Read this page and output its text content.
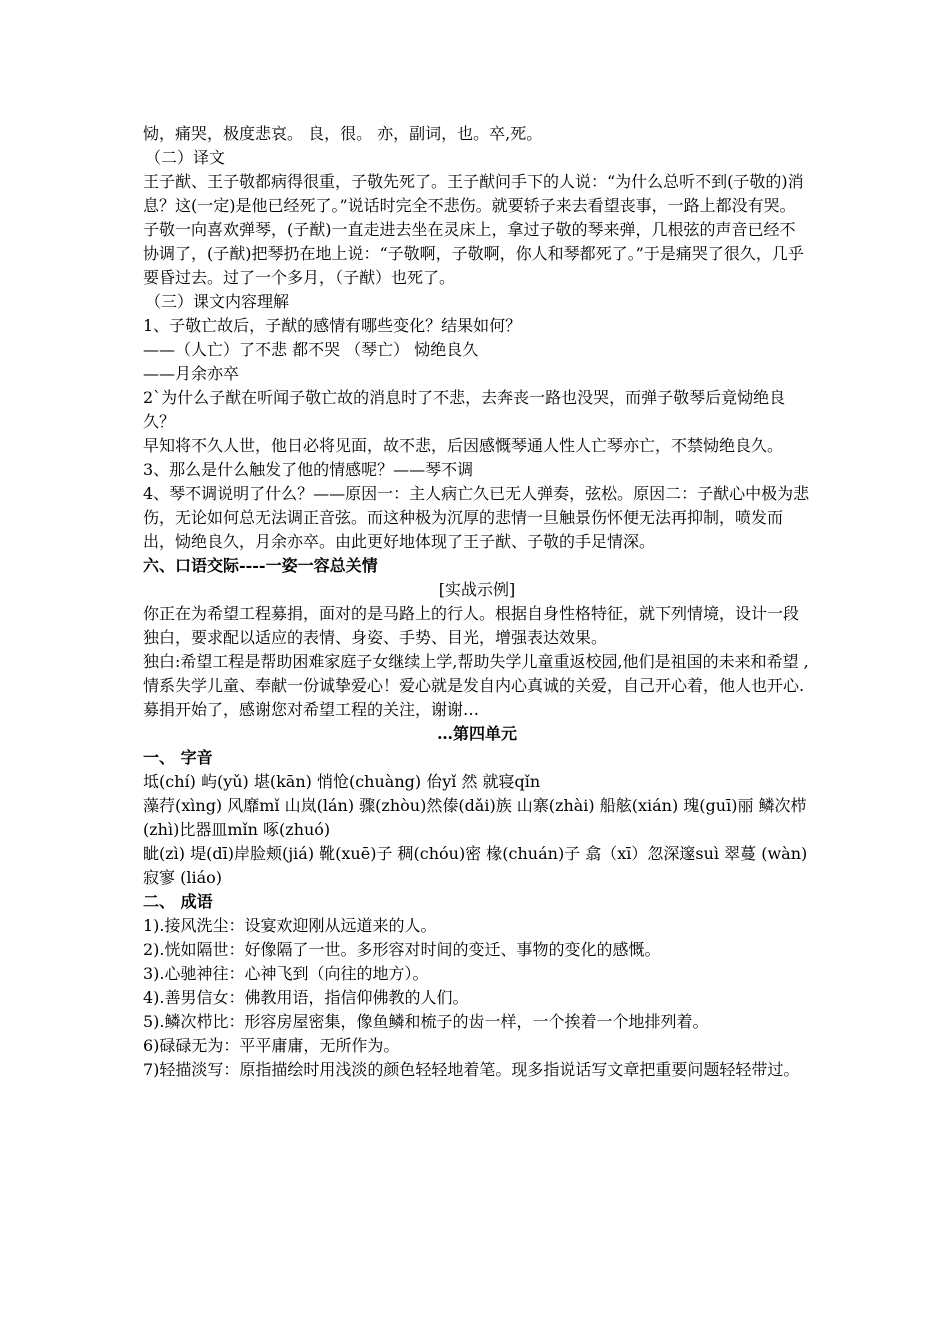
恸，痛哭，极度悲哀。 良，很。 亦，副词，也。卒,死。

（二）译文

王子猷、王子敬都病得很重，子敬先死了。王子猷问手下的人说：“为什么总听不到(子敬的)消息？这(一定)是他已经死了。”说话时完全不悲伤。就要轿子来去看望丧事，一路上都没有哭。

子敬一向喜欢弹琴，(子猷)一直走进去坐在灵床上，拿过子敬的琴来弹，几根弦的声音已经不协调了，(子猷)把琴扔在地上说：“子敬啊，子敬啊，你人和琴都死了。”于是痛哭了很久，几乎要昏过去。过了一个多月，（子猷）也死了。

（三）课文内容理解

1、子敬亡故后，子猷的感情有哪些变化？结果如何？

——（人亡）了不悲 都不哭 （琴亡） 恸绝良久

——月余亦卒

2`为什么子猷在听闻子敬亡故的消息时了不悲，去奔丧一路也没哭，而弹子敬琴后竟恸绝良久？

早知将不久人世，他日必将见面，故不悲，后因感慨琴通人性人亡琴亦亡，不禁恸绝良久。

3、那么是什么触发了他的情感呢？——琴不调

4、琴不调说明了什么？——原因一：主人病亡久已无人弹奏，弦松。原因二：子猷心中极为悲伤，无论如何总无法调正音弦。而这种极为沉厚的悲情一旦触景伤怀便无法再抑制，喷发而出，恸绝良久，月余亦卒。由此更好地体现了王子猷、子敬的手足情深。

六、口语交际----一姿一容总关情

[实战示例]

你正在为希望工程募捐，面对的是马路上的行人。根据自身性格特征，就下列情境，设计一段独白，要求配以适应的表情、身姿、手势、目光，增强表达效果。

独白:希望工程是帮助困难家庭子女继续上学,帮助失学儿童重返校园,他们是祖国的未来和希望 ,情系失学儿童、奉献一份诚挚爱心！爱心就是发自内心真诚的关爱，自己开心着，他人也开心.募捐开始了，感谢您对希望工程的关注，谢谢…

…第四单元

一、 字音

坻(chí) 屿(yǔ) 堪(kān) 悄怆(chuàng) 佁yǐ 然 就寝qǐn

藻荇(xìng) 风靡mǐ 山岚(lán) 骤(zhòu)然傣(dǎi)族 山寨(zhài) 船舷(xián) 瑰(guī)丽 鳞次栉(zhì)比器皿mǐn 啄(zhuó)

眦(zì) 堤(dī)岸脸颊(jiá) 靴(xuē)子 稠(chóu)密 椽(chuán)子 翕（xī）忽深邃suì 翠蔓 (wàn) 寂寥 (liáo)

二、 成语

1).接风洗尘：设宴欢迎刚从远道来的人。

2).恍如隔世：好像隔了一世。多形容对时间的变迁、事物的变化的感慨。

3).心驰神往：心神飞到（向往的地方）。

4).善男信女：佛教用语，指信仰佛教的人们。

5).鳞次栉比：形容房屋密集，像鱼鳞和梳子的齿一样，一个挨着一个地排列着。

6)碌碌无为：平平庸庸，无所作为。

7)轻描淡写：原指描绘时用浅淡的颜色轻轻地着笔。现多指说话写文章把重要问题轻轻带过。
